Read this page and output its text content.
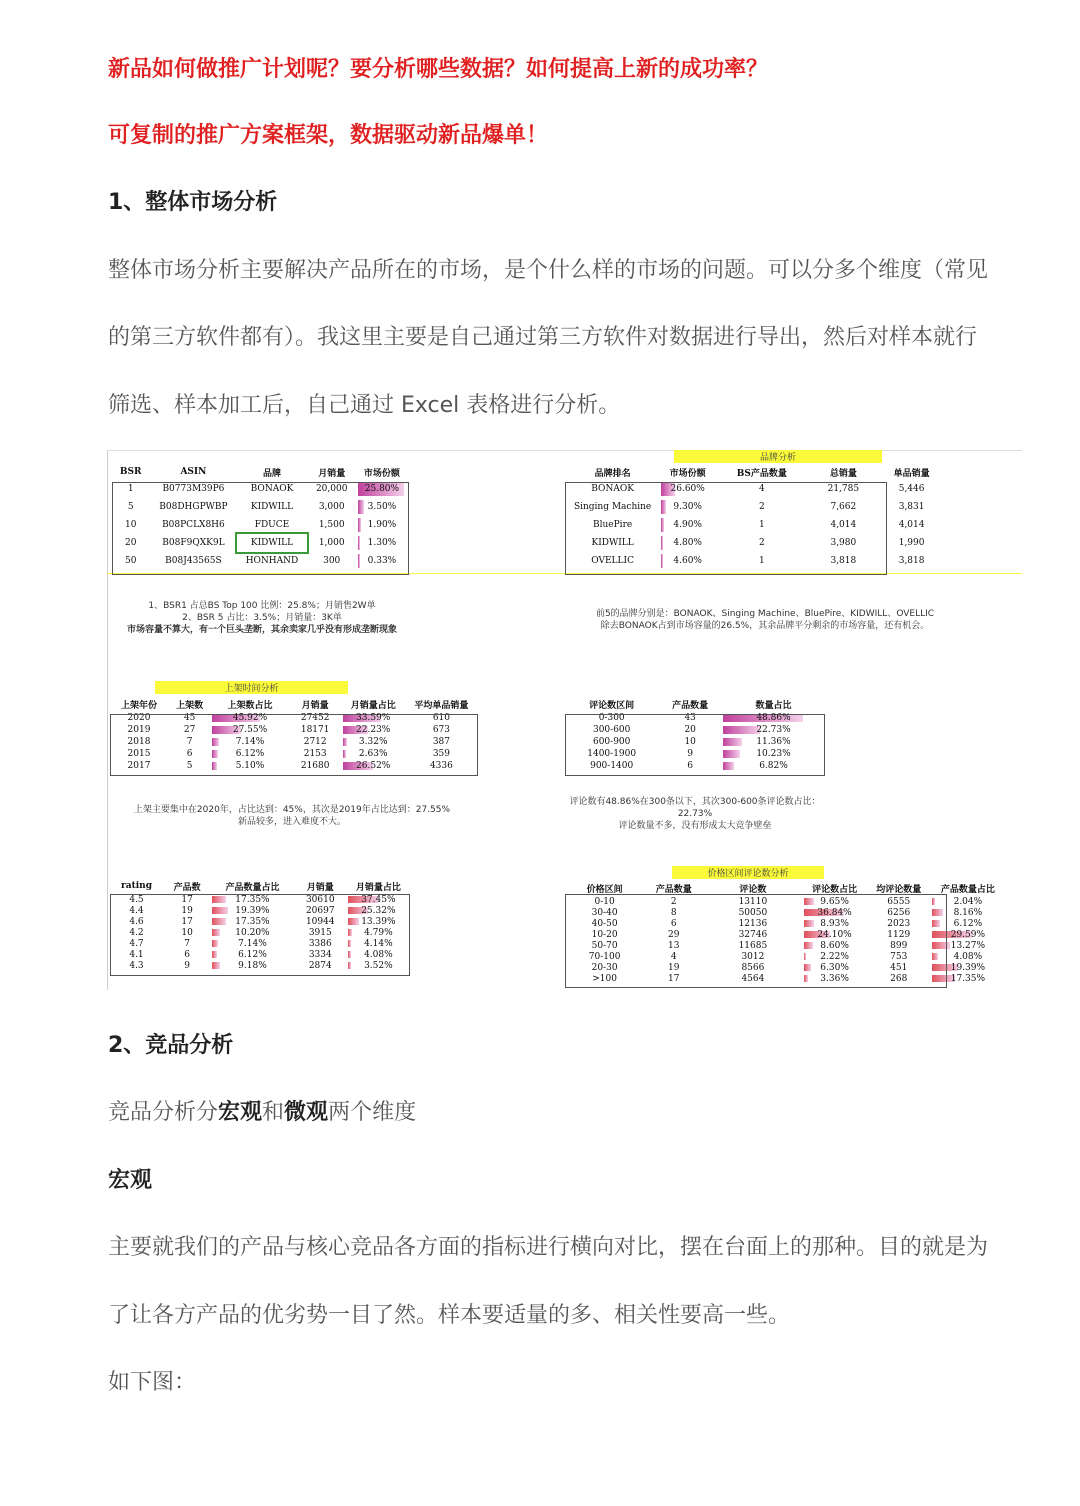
新品如何做推广计划呢？要分析哪些数据？如何提高上新的成功率？
可复制的推广方案框架，数据驱动新品爆单！
1、整体市场分析
整体市场分析主要解决产品所在的市场，是个什么样的市场的问题。可以分多个维度（常见
的第三方软件都有）。我这里主要是自己通过第三方软件对数据进行导出，然后对样本就行
筛选、样本加工后，自己通过 Excel 表格进行分析。
BSR	ASIN	品牌	月销量	市场份额
1	B0773M39P6	BONAOK	20,000	25.80%
5	B08DHGPWBP	KIDWILL	3,000	3.50%
10	B08PCLX8H6	FDUCE	1,500	1.90%
20	B08F9QXK9L	KIDWILL	1,000	1.30%
50	B08J43565S	HONHAND	300	0.33%
1、BSR1 占总BS Top 100 比例：25.8%；月销售2W单
2、BSR 5 占比：3.5%；月销量：3K单
市场容量不算大，有一个巨头垄断，其余卖家几乎没有形成垄断现象
品牌分析
品牌排名	市场份额	BS产品数量	总销量	单品销量
BONAOK	26.60%	4	21,785	5,446
Singing Machine	9.30%	2	7,662	3,831
BluePire	4.90%	1	4,014	4,014
KIDWILL	4.80%	2	3,980	1,990
OVELLIC	4.60%	1	3,818	3,818
前5的品牌分别是：BONAOK、Singing Machine、BluePire、KIDWILL、OVELLIC
除去BONAOK占到市场容量的26.5%，其余品牌平分剩余的市场容量，还有机会。
上架时间分析
上架年份	上架数	上架数占比	月销量	月销量占比	平均单品销量
2020	45	45.92%	27452	33.59%	610
2019	27	27.55%	18171	22.23%	673
2018	7	7.14%	2712	3.32%	387
2015	6	6.12%	2153	2.63%	359
2017	5	5.10%	21680	26.52%	4336
上架主要集中在2020年，占比达到：45%，其次是2019年占比达到：27.55%
新品较多，进入难度不大。
评论数区间	产品数量	数量占比
0-300	43	48.86%
300-600	20	22.73%
600-900	10	11.36%
1400-1900	9	10.23%
900-1400	6	6.82%
评论数有48.86%在300条以下，其次300-600条评论数占比：22.73%
评论数量不多，没有形成太大竞争壁垒
rating	产品数	产品数量占比	月销量	月销量占比
4.5	17	17.35%	30610	37.45%
4.4	19	19.39%	20697	25.32%
4.6	17	17.35%	10944	13.39%
4.2	10	10.20%	3915	4.79%
4.7	7	7.14%	3386	4.14%
4.1	6	6.12%	3334	4.08%
4.3	9	9.18%	2874	3.52%
价格区间评论数分析
价格区间	产品数量	评论数	评论数占比	均评论数量	产品数量占比
0-10	2	13110	9.65%	6555	2.04%
30-40	8	50050	36.84%	6256	8.16%
40-50	6	12136	8.93%	2023	6.12%
10-20	29	32746	24.10%	1129	29.59%
50-70	13	11685	8.60%	899	13.27%
70-100	4	3012	2.22%	753	4.08%
20-30	19	8566	6.30%	451	19.39%
>100	17	4564	3.36%	268	17.35%
2、竞品分析
竞品分析分宏观和微观两个维度
宏观
主要就我们的产品与核心竞品各方面的指标进行横向对比，摆在台面上的那种。目的就是为
了让各方产品的优劣势一目了然。样本要适量的多、相关性要高一些。
如下图：
